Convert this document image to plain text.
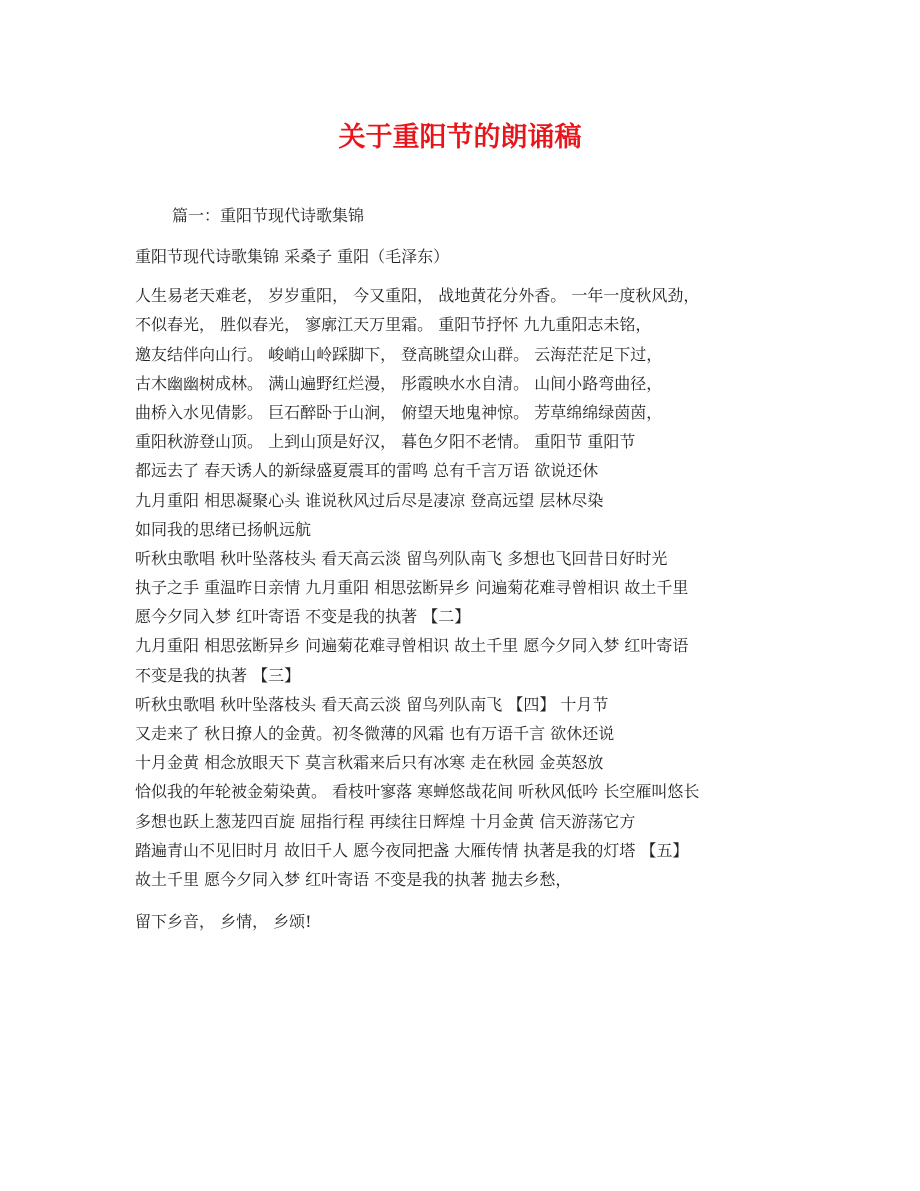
关于重阳节的朗诵稿
篇一：重阳节现代诗歌集锦
重阳节现代诗歌集锦 采桑子 重阳（毛泽东）
人生易老天难老， 岁岁重阳， 今又重阳， 战地黄花分外香。 一年一度秋风劲，
不似春光， 胜似春光， 寥廓江天万里霜。 重阳节抒怀 九九重阳志未铭，
邀友结伴向山行。 峻峭山岭踩脚下， 登高眺望众山群。 云海茫茫足下过，
古木幽幽树成林。 满山遍野红烂漫， 彤霞映水水自清。 山间小路弯曲径，
曲桥入水见倩影。 巨石醉卧于山涧， 俯望天地鬼神惊。 芳草绵绵绿茵茵，
重阳秋游登山顶。 上到山顶是好汉， 暮色夕阳不老情。 重阳节 重阳节
都远去了 春天诱人的新绿盛夏震耳的雷鸣 总有千言万语 欲说还休
九月重阳 相思凝聚心头 谁说秋风过后尽是凄凉 登高远望 层林尽染
如同我的思绪已扬帆远航
听秋虫歌唱 秋叶坠落枝头 看天高云淡 留鸟列队南飞 多想也飞回昔日好时光
执子之手 重温昨日亲情 九月重阳 相思弦断异乡 问遍菊花难寻曾相识 故土千里
愿今夕同入梦 红叶寄语 不变是我的执著 【二】
九月重阳 相思弦断异乡 问遍菊花难寻曾相识 故土千里 愿今夕同入梦 红叶寄语
不变是我的执著 【三】
听秋虫歌唱 秋叶坠落枝头 看天高云淡 留鸟列队南飞 【四】 十月节
又走来了 秋日撩人的金黄。初冬微薄的风霜 也有万语千言 欲休还说
十月金黄 相念放眼天下 莫言秋霜来后只有冰寒 走在秋园 金英怒放
恰似我的年轮被金菊染黄。 看枝叶寥落 寒蝉悠哉花间 听秋风低吟 长空雁叫悠长
多想也跃上葱茏四百旋 屈指行程 再续往日辉煌 十月金黄 信天游荡它方
踏遍青山不见旧时月 故旧千人 愿今夜同把盏 大雁传情 执著是我的灯塔 【五】
故土千里 愿今夕同入梦 红叶寄语 不变是我的执著 抛去乡愁，
留下乡音， 乡情， 乡颂!
